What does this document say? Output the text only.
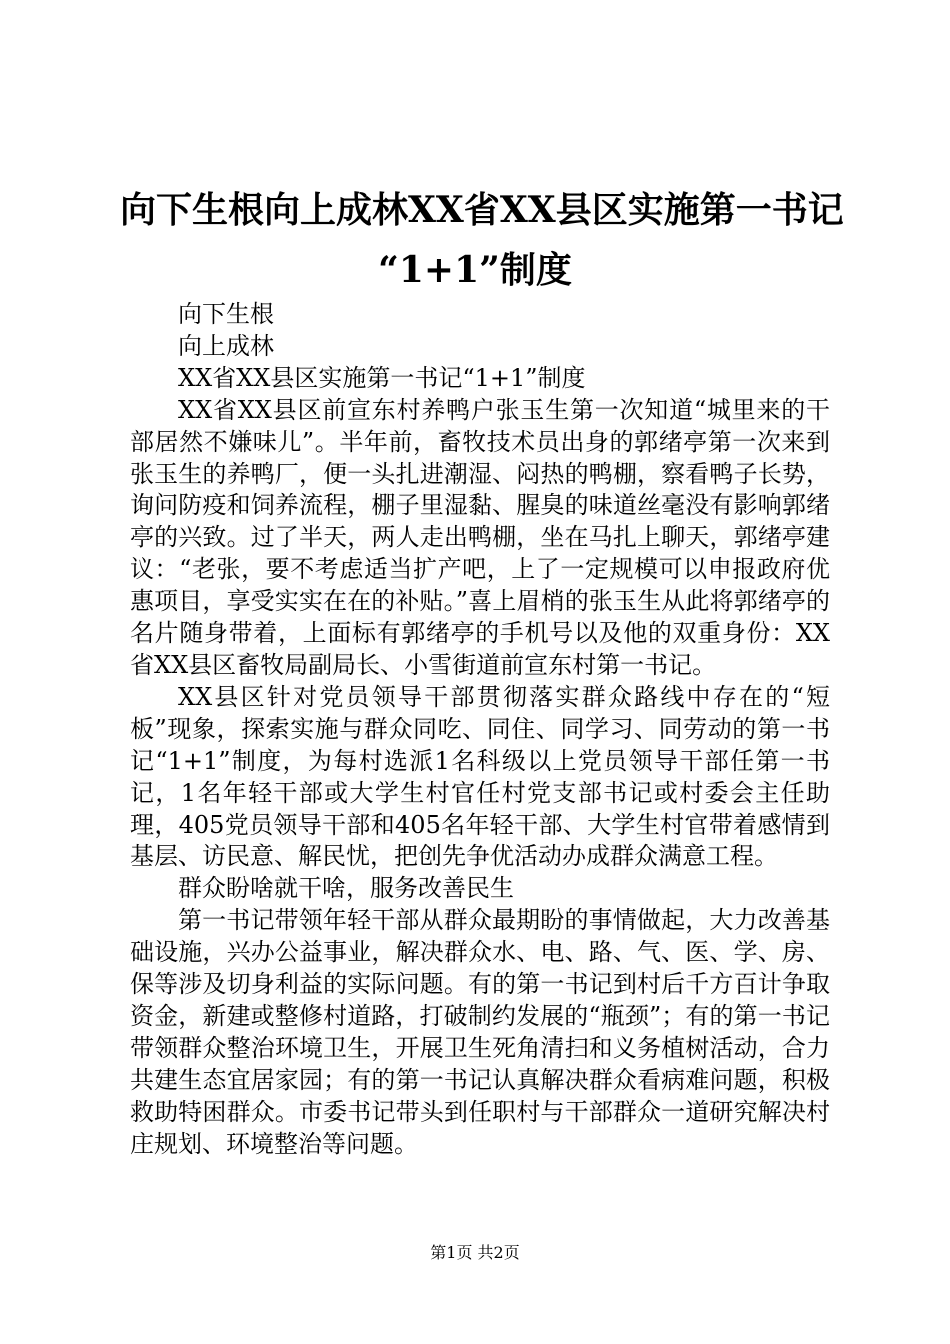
向下生根向上成林XX省XX县区实施第一书记
“1+1”制度

向下生根

向上成林

XX省XX县区实施第一书记“1+1”制度

XX省XX县区前宣东村养鸭户张玉生第一次知道“城里来的干部居然不嫌味儿”。半年前，畜牧技术员出身的郭绪亭第一次来到张玉生的养鸭厂，便一头扎进潮湿、闷热的鸭棚，察看鸭子长势，询问防疫和饲养流程，棚子里湿黏、腥臭的味道丝毫没有影响郭绪亭的兴致。过了半天，两人走出鸭棚，坐在马扎上聊天，郭绪亭建议：“老张，要不考虑适当扩产吧，上了一定规模可以申报政府优惠项目，享受实实在在的补贴。”喜上眉梢的张玉生从此将郭绪亭的名片随身带着，上面标有郭绪亭的手机号以及他的双重身份：XX省XX县区畜牧局副局长、小雪街道前宣东村第一书记。

XX县区针对党员领导干部贯彻落实群众路线中存在的“短板”现象，探索实施与群众同吃、同住、同学习、同劳动的第一书记“1+1”制度，为每村选派1名科级以上党员领导干部任第一书记，1名年轻干部或大学生村官任村党支部书记或村委会主任助理，405党员领导干部和405名年轻干部、大学生村官带着感情到基层、访民意、解民忧，把创先争优活动办成群众满意工程。

群众盼啥就干啥，服务改善民生

第一书记带领年轻干部从群众最期盼的事情做起，大力改善基础设施，兴办公益事业，解决群众水、电、路、气、医、学、房、保等涉及切身利益的实际问题。有的第一书记到村后千方百计争取资金，新建或整修村道路，打破制约发展的“瓶颈”；有的第一书记带领群众整治环境卫生，开展卫生死角清扫和义务植树活动，合力共建生态宜居家园；有的第一书记认真解决群众看病难问题，积极救助特困群众。市委书记带头到任职村与干部群众一道研究解决村庄规划、环境整治等问题。

第1页 共2页
